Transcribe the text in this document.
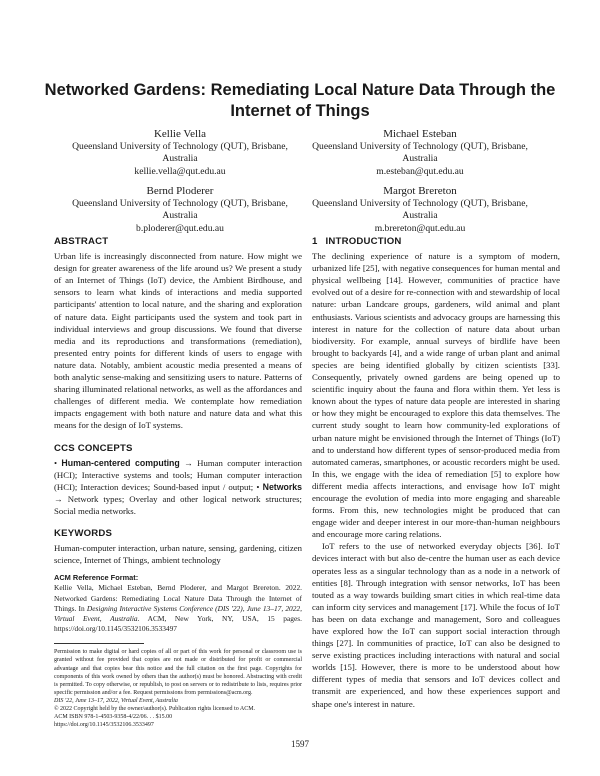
Networked Gardens: Remediating Local Nature Data Through the Internet of Things
Kellie Vella
Queensland University of Technology (QUT), Brisbane, Australia
kellie.vella@qut.edu.au
Michael Esteban
Queensland University of Technology (QUT), Brisbane, Australia
m.esteban@qut.edu.au
Bernd Ploderer
Queensland University of Technology (QUT), Brisbane, Australia
b.ploderer@qut.edu.au
Margot Brereton
Queensland University of Technology (QUT), Brisbane, Australia
m.brereton@qut.edu.au
ABSTRACT

Urban life is increasingly disconnected from nature. How might we design for greater awareness of the life around us? We present a study of an Internet of Things (IoT) device, the Ambient Birdhouse, and sensors to learn what kinds of interactions and media supported participants' attention to local nature, and the sharing and exploration of nature data. Eight participants used the system and took part in individual interviews and group discussions. We found that diverse media and its reproductions and transformations (remediation), presented entry points for different kinds of users to engage with nature data. Notably, ambient acoustic media presented a means of both analytic sense-making and sensitizing users to nature. Patterns of sharing illuminated relational networks, as well as the affordances and challenges of different media. We contemplate how remediation impacts engagement with both nature and nature data and what this means for the design of IoT systems.

CCS CONCEPTS

• Human-centered computing → Human computer interaction (HCI); Interactive systems and tools; Human computer interaction (HCI); Interaction devices; Sound-based input / output; • Networks → Network types; Overlay and other logical network structures; Social media networks.

KEYWORDS

Human-computer interaction, urban nature, sensing, gardening, citizen science, Internet of Things, ambient technology

ACM Reference Format:

Kellie Vella, Michael Esteban, Bernd Ploderer, and Margot Brereton. 2022. Networked Gardens: Remediating Local Nature Data Through the Internet of Things. In Designing Interactive Systems Conference (DIS '22), June 13–17, 2022, Virtual Event, Australia. ACM, New York, NY, USA, 15 pages. https://doi.org/10.1145/3532106.3533497

Permission to make digital or hard copies of all or part of this work for personal or classroom use is granted without fee provided that copies are not made or distributed for profit or commercial advantage and that copies bear this notice and the full citation on the first page. Copyrights for components of this work owned by others than the author(s) must be honored. Abstracting with credit is permitted. To copy otherwise, or republish, to post on servers or to redistribute to lists, requires prior specific permission and/or a fee. Request permissions from permissions@acm.org.

DIS '22, June 13–17, 2022, Virtual Event, Australia
© 2022 Copyright held by the owner/author(s). Publication rights licensed to ACM.
ACM ISBN 978-1-4503-9358-4/22/06. . . $15.00
https://doi.org/10.1145/3532106.3533497
1 INTRODUCTION

The declining experience of nature is a symptom of modern, urbanized life [25], with negative consequences for human mental and physical wellbeing [14]. However, communities of practice have evolved out of a desire for re-connection with and stewardship of local nature: urban Landcare groups, gardeners, wild animal and plant enthusiasts. Various scientists and advocacy groups are harnessing this interest in nature for the collection of nature data about urban biodiversity. For example, annual surveys of birdlife have been brought to backyards [4], and a wide range of urban plant and animal species are being identified globally by citizen scientists [33]. Consequently, privately owned gardens are being opened up to scientific inquiry about the fauna and flora within them. Yet less is known about the types of nature data people are interested in sharing or how they might be encouraged to explore this data themselves. The current study sought to learn how community-led explorations of urban nature might be envisioned through the Internet of Things (IoT) and to understand how different types of sensor-produced media from automated cameras, smartphones, or acoustic recorders might be used. In this, we engage with the idea of remediation [5] to explore how different media affects interactions, and envisage how IoT might encourage the evolution of media into more engaging and shareable forms. From this, new technologies might be produced that can engage wider and deeper interest in our more-than-human neighbours and encourage more caring relations.

IoT refers to the use of networked everyday objects [36]. IoT devices interact with but also de-centre the human user as each device operates less as a singular technology than as a node in a network of entities [8]. Through integration with sensor networks, IoT has been touted as a way towards building smart cities in which real-time data can inform city services and management [17]. While the focus of IoT has been on data exchange and management, Soro and colleagues have explored how the IoT can support social interaction through things [27]. In communities of practice, IoT can also be designed to serve existing practices including interactions with natural and social worlds [15]. However, there is more to be understood about how different types of media that sensors and IoT devices collect and transmit are experienced, and how these experiences support and shape one's interest in nature.

1597
